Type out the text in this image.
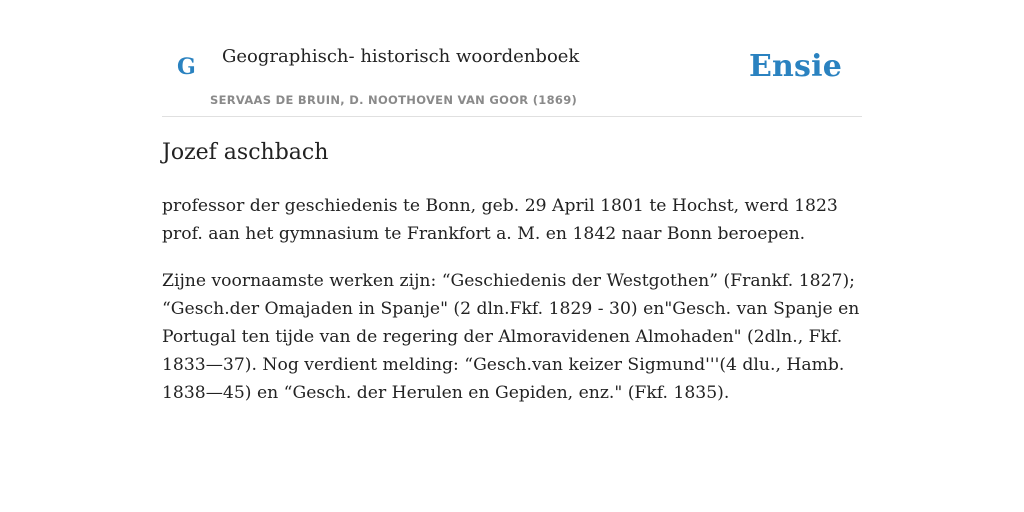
G Geographisch- historisch woordenboek
SERVAAS DE BRUIN, D. NOOTHOVEN VAN GOOR (1869)
Ensie
Jozef aschbach

professor der geschiedenis te Bonn, geb. 29 April 1801 te Hochst, werd 1823 prof. aan het gymnasium te Frankfort a. M. en 1842 naar Bonn beroepen.

Zijne voornaamste werken zijn: “Geschiedenis der Westgothen” (Frankf. 1827); “Gesch.der Omajaden in Spanje" (2 dln.Fkf. 1829 - 30) en"Gesch. van Spanje en Portugal ten tijde van de regering der Almoravidenen Almohaden" (2dln., Fkf. 1833—37). Nog verdient melding: “Gesch.van keizer Sigmund'''(4 dlu., Hamb. 1838—45) en “Gesch. der Herulen en Gepiden, enz." (Fkf. 1835).
